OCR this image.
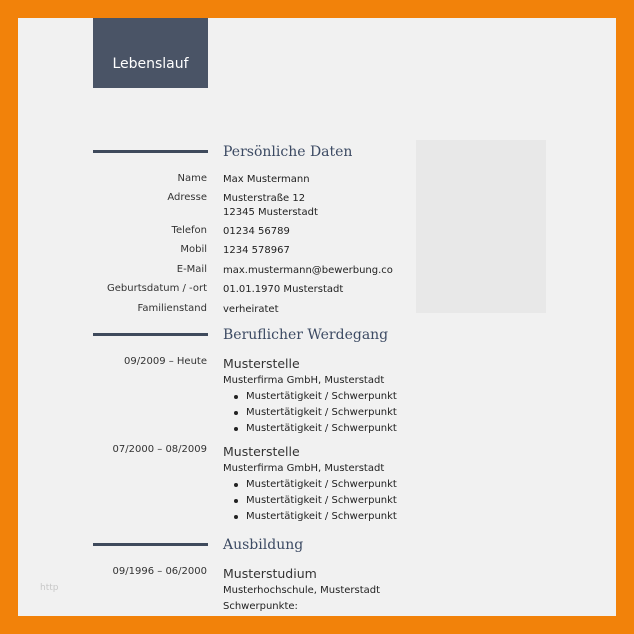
Lebenslauf
Persönliche Daten
Name Max Mustermann
Adresse Musterstraße 12
12345 Musterstadt
Telefon 01234 56789
Mobil 1234 578967
E-Mail max.mustermann@bewerbung.co
Geburtsdatum / -ort 01.01.1970 Musterstadt
Familienstand verheiratet
Beruflicher Werdegang
09/2009 – Heute Musterstelle
Musterfirma GmbH, Musterstadt
Mustertätigkeit / Schwerpunkt
Mustertätigkeit / Schwerpunkt
Mustertätigkeit / Schwerpunkt
07/2000 – 08/2009 Musterstelle
Musterfirma GmbH, Musterstadt
Mustertätigkeit / Schwerpunkt
Mustertätigkeit / Schwerpunkt
Mustertätigkeit / Schwerpunkt
Ausbildung
09/1996 – 06/2000 Musterstudium
Musterhochschule, Musterstadt
Schwerpunkte:
http
